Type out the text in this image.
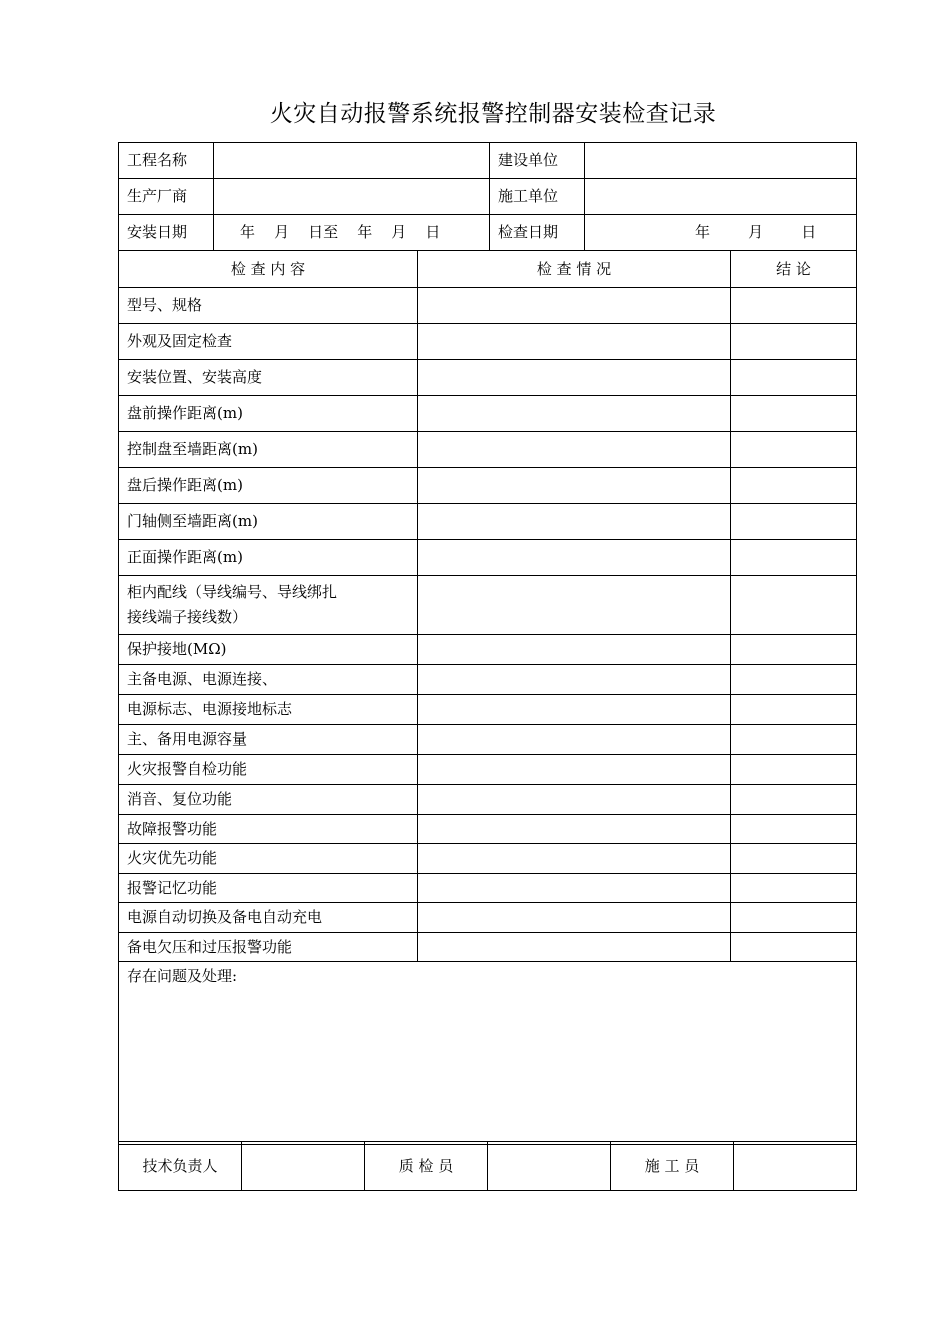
火灾自动报警系统报警控制器安装检查记录
工程名称		建设单位	
生产厂商		施工单位	
安装日期	年    月    日至    年    月    日	检查日期	年        月        日
检 查 内 容	检 查 情 况	结 论
型号、规格		
外观及固定检查		
安装位置、安装高度		
盘前操作距离(m)		
控制盘至墙距离(m)		
盘后操作距离(m)		
门轴侧至墙距离(m)		
正面操作距离(m)		
柜内配线（导线编号、导线绑扎
接线端子接线数）		
保护接地(MΩ)		
主备电源、电源连接、		
电源标志、电源接地标志		
主、备用电源容量		
火灾报警自检功能		
消音、复位功能		
故障报警功能		
火灾优先功能		
报警记忆功能		
电源自动切换及备电自动充电		
备电欠压和过压报警功能		
存在问题及处理:		
技术负责人		质 检 员		施 工 员	
